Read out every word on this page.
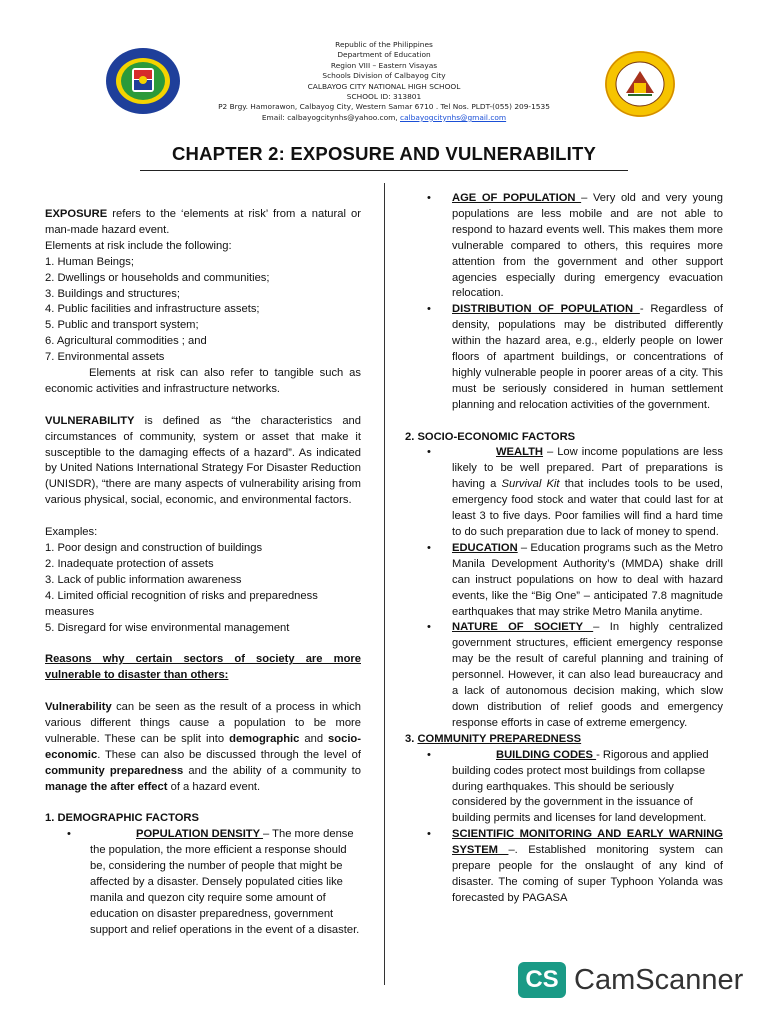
Republic of the Philippines
Department of Education
Region VIII – Eastern Visayas
Schools Division of Calbayog City
CALBAYOG CITY NATIONAL HIGH SCHOOL
SCHOOL ID: 313801
P2 Brgy. Hamorawon, Calbayog City, Western Samar 6710 . Tel Nos. PLDT-(055) 209-1535
Email: calbayogcitynhs@yahoo.com, calbayogcitynhs@gmail.com
CHAPTER 2: EXPOSURE AND VULNERABILITY

EXPOSURE refers to the ‘elements at risk’ from a natural or man-made hazard event.

Elements at risk include the following:

1. Human Beings;

2. Dwellings or households and communities;

3. Buildings and structures;

4. Public facilities and infrastructure assets;

5. Public and transport system;

6. Agricultural commodities ; and

7. Environmental assets

Elements at risk can also refer to tangible such as economic activities and infrastructure networks.

VULNERABILITY is defined as “the characteristics and circumstances of community, system or asset that make it susceptible to the damaging effects of a hazard”. As indicated by United Nations International Strategy For Disaster Reduction (UNISDR), “there are many aspects of vulnerability arising from various physical, social, economic, and environmental factors.

Examples:

1. Poor design and construction of buildings

2. Inadequate protection of assets

3. Lack of public information awareness

4. Limited official recognition of risks and preparedness measures

5. Disregard for wise environmental management

Reasons why certain sectors of society are more vulnerable to disaster than others:

Vulnerability can be seen as the result of a process in which various different things cause a population to be more vulnerable. These can be split into demographic and socio-economic. These can also be discussed through the level of community preparedness and the ability of a community to manage the after effect of a hazard event.

1. DEMOGRAPHIC FACTORS

•	POPULATION DENSITY – The more dense the population, the more efficient a response should be, considering the number of people that might be affected by a disaster. Densely populated cities like manila and quezon city require some amount of education on disaster preparedness, government support and relief operations in the event of a disaster.

• AGE OF POPULATION – Very old and very young populations are less mobile and are not able to respond to hazard events well. This makes them more vulnerable compared to others, this requires more attention from the government and other support agencies especially during emergency evacuation relocation.

• DISTRIBUTION OF POPULATION - Regardless of density, populations may be distributed differently within the hazard area, e.g., elderly people on lower floors of apartment buildings, or concentrations of highly vulnerable people in poorer areas of a city. This must be seriously considered in human settlement planning and relocation activities of the government.

2. SOCIO-ECONOMIC FACTORS

•	WEALTH – Low income populations are less likely to be well prepared. Part of preparations is having a Survival Kit that includes tools to be used, emergency food stock and water that could last for at least 3 to five days. Poor families will find a hard time to do such preparation due to lack of money to spend.

• EDUCATION – Education programs such as the Metro Manila Development Authority’s (MMDA) shake drill can instruct populations on how to deal with hazard events, like the “Big One” – anticipated 7.8 magnitude earthquakes that may strike Metro Manila anytime.

• NATURE OF SOCIETY – In highly centralized government structures, efficient emergency response may be the result of careful planning and training of personnel. However, it can also lead bureaucracy and a lack of autonomous decision making, which slow down distribution of relief goods and emergency response efforts in case of extreme emergency.

3. COMMUNITY PREPAREDNESS

•	BUILDING CODES - Rigorous and applied building codes protect most buildings from collapse during earthquakes. This should be seriously considered by the government in the issuance of building permits and licenses for land development.

• SCIENTIFIC MONITORING AND EARLY WARNING SYSTEM –. Established monitoring system can prepare people for the onslaught of any kind of disaster. The coming of super Typhoon Yolanda was forecasted by PAGASA

CS CamScanner
